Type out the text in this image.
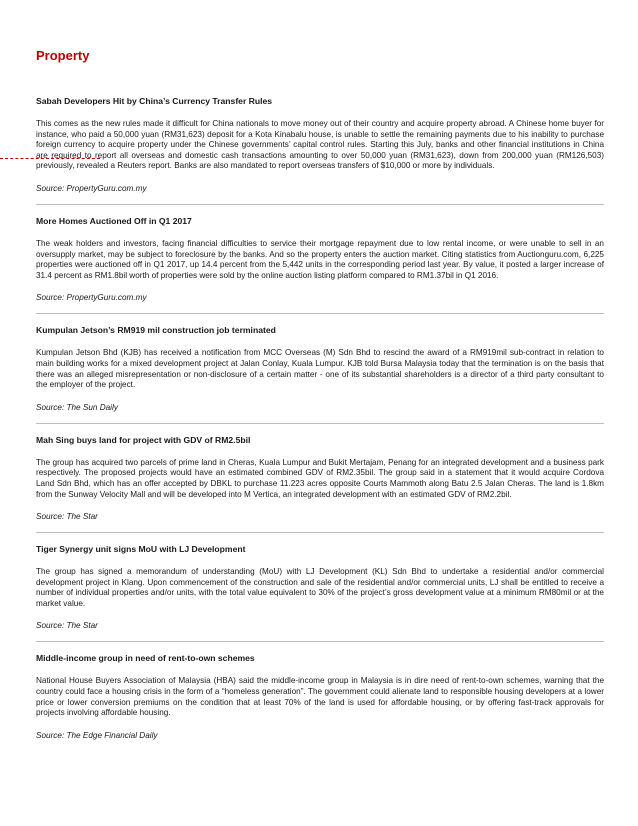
Property

Sabah Developers Hit by China’s Currency Transfer Rules

This comes as the new rules made it difficult for China nationals to move money out of their country and acquire property abroad. A Chinese home buyer for instance, who paid a 50,000 yuan (RM31,623) deposit for a Kota Kinabalu house, is unable to settle the remaining payments due to his inability to purchase foreign currency to acquire property under the Chinese governments’ capital control rules. Starting this July, banks and other financial institutions in China are required to report all overseas and domestic cash transactions amounting to over 50,000 yuan (RM31,623), down from 200,000 yuan (RM126,503) previously, revealed a Reuters report. Banks are also mandated to report overseas transfers of $10,000 or more by individuals.

Source: PropertyGuru.com.my

More Homes Auctioned Off in Q1 2017

The weak holders and investors, facing financial difficulties to service their mortgage repayment due to low rental income, or were unable to sell in an oversupply market, may be subject to foreclosure by the banks. And so the property enters the auction market. Citing statistics from Auctionguru.com, 6,225 properties were auctioned off in Q1 2017, up 14.4 percent from the 5,442 units in the corresponding period last year. By value, it posted a larger increase of 31.4 percent as RM1.8bil worth of properties were sold by the online auction listing platform compared to RM1.37bil in Q1 2016.

Source: PropertyGuru.com.my

Kumpulan Jetson’s RM919 mil construction job terminated

Kumpulan Jetson Bhd (KJB) has received a notification from MCC Overseas (M) Sdn Bhd to rescind the award of a RM919mil sub-contract in relation to main building works for a mixed development project at Jalan Conlay, Kuala Lumpur. KJB told Bursa Malaysia today that the termination is on the basis that there was an alleged misrepresentation or non-disclosure of a certain matter - one of its substantial shareholders is a director of a third party consultant to the employer of the project.

Source: The Sun Daily

Mah Sing buys land for project with GDV of RM2.5bil

The group has acquired two parcels of prime land in Cheras, Kuala Lumpur and Bukit Mertajam, Penang for an integrated development and a business park respectively. The proposed projects would have an estimated combined GDV of RM2.35bil. The group said in a statement that it would acquire Cordova Land Sdn Bhd, which has an offer accepted by DBKL to purchase 11.223 acres opposite Courts Mammoth along Batu 2.5 Jalan Cheras. The land is 1.8km from the Sunway Velocity Mall and will be developed into M Vertica, an integrated development with an estimated GDV of RM2.2bil.

Source: The Star

Tiger Synergy unit signs MoU with LJ Development

The group has signed a memorandum of understanding (MoU) with LJ Development (KL) Sdn Bhd to undertake a residential and/or commercial development project in Klang. Upon commencement of the construction and sale of the residential and/or commercial units, LJ shall be entitled to receive a number of individual properties and/or units, with the total value equivalent to 30% of the project’s gross development value at a minimum RM80mil or at the market value.

Source: The Star

Middle-income group in need of rent-to-own schemes

National House Buyers Association of Malaysia (HBA) said the middle-income group in Malaysia is in dire need of rent-to-own schemes, warning that the country could face a housing crisis in the form of a “homeless generation”. The government could alienate land to responsible housing developers at a lower price or lower conversion premiums on the condition that at least 70% of the land is used for affordable housing, or by offering fast-track approvals for projects involving affordable housing.

Source: The Edge Financial Daily
